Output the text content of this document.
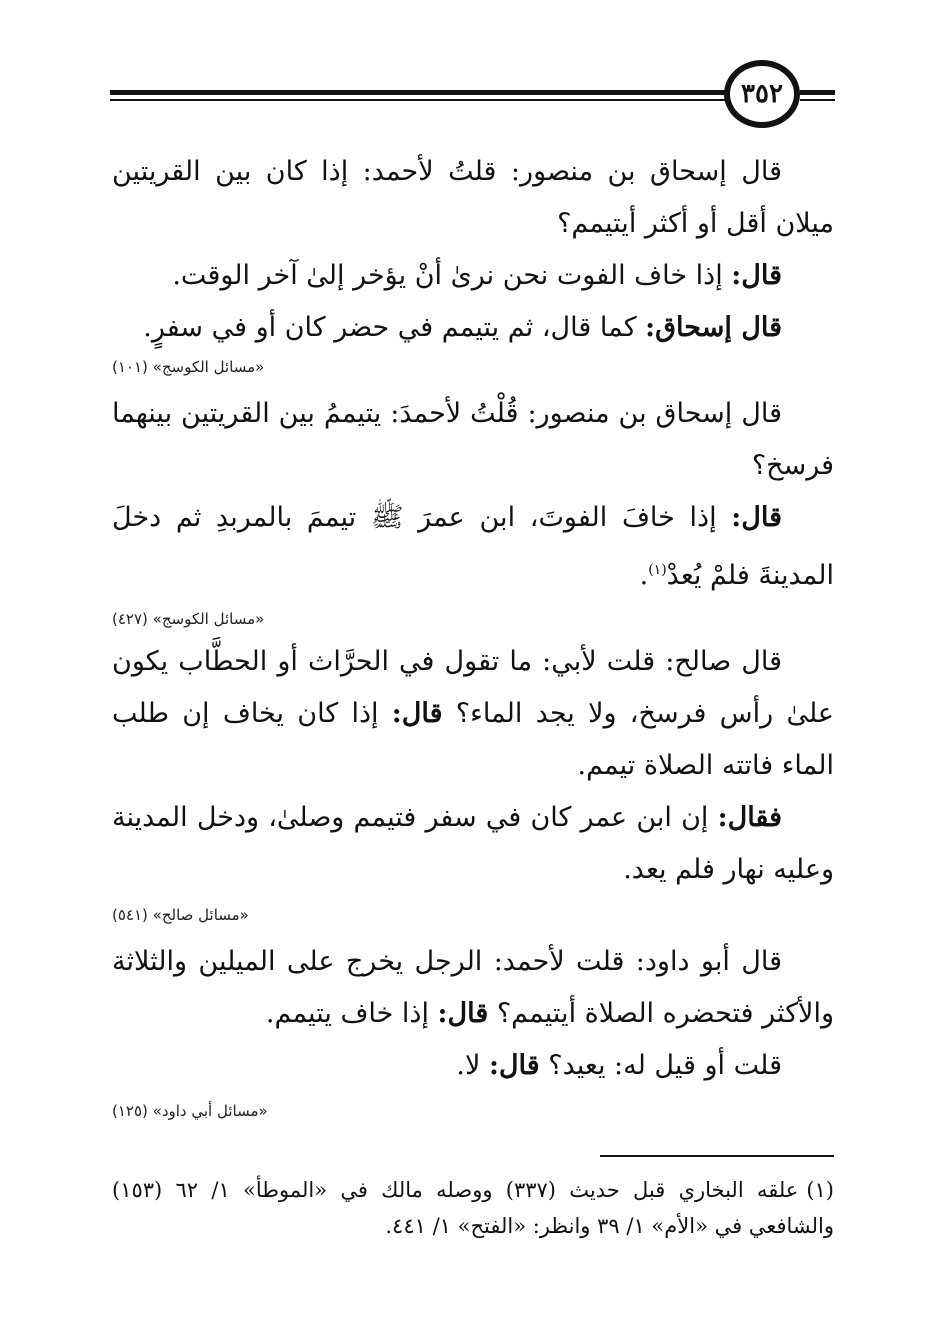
٣٥٢

قال إسحاق بن منصور: قلتُ لأحمد: إذا كان بين القريتين ميلان أقل أو أكثر أيتيمم؟

قال: إذا خاف الفوت نحن نرىٰ أنْ يؤخر إلىٰ آخر الوقت.

قال إسحاق: كما قال، ثم يتيمم في حضر كان أو في سفرٍ.

«مسائل الكوسج» (١٠١)

قال إسحاق بن منصور: قُلْتُ لأحمدَ: يتيممُ بين القريتين بينهما فرسخ؟

قال: إذا خافَ الفوتَ، ابن عمرَ ﷺ تيممَ بالمربدِ ثم دخلَ المدينةَ فلمْ يُعدْ$^{(١)}$.

«مسائل الكوسج» (٤٢٧)

قال صالح: قلت لأبي: ما تقول في الحرَّاث أو الحطَّاب يكون علىٰ رأس فرسخ، ولا يجد الماء؟ قال: إذا كان يخاف إن طلب الماء فاتته الصلاة تيمم.

فقال: إن ابن عمر كان في سفر فتيمم وصلىٰ، ودخل المدينة وعليه نهار فلم يعد.

«مسائل صالح» (٥٤١)

قال أبو داود: قلت لأحمد: الرجل يخرج على الميلين والثلاثة والأكثر فتحضره الصلاة أيتيمم؟ قال: إذا خاف يتيمم.

قلت أو قيل له: يعيد؟ قال: لا.

«مسائل أبي داود» (١٢٥)
(١)علقه البخاري قبل حديث (٣٣٧) ووصله مالك في «الموطأ» ١/ ٦٢ (١٥٣) والشافعي في «الأم» ١/ ٣٩ وانظر: «الفتح» ١/ ٤٤١.
